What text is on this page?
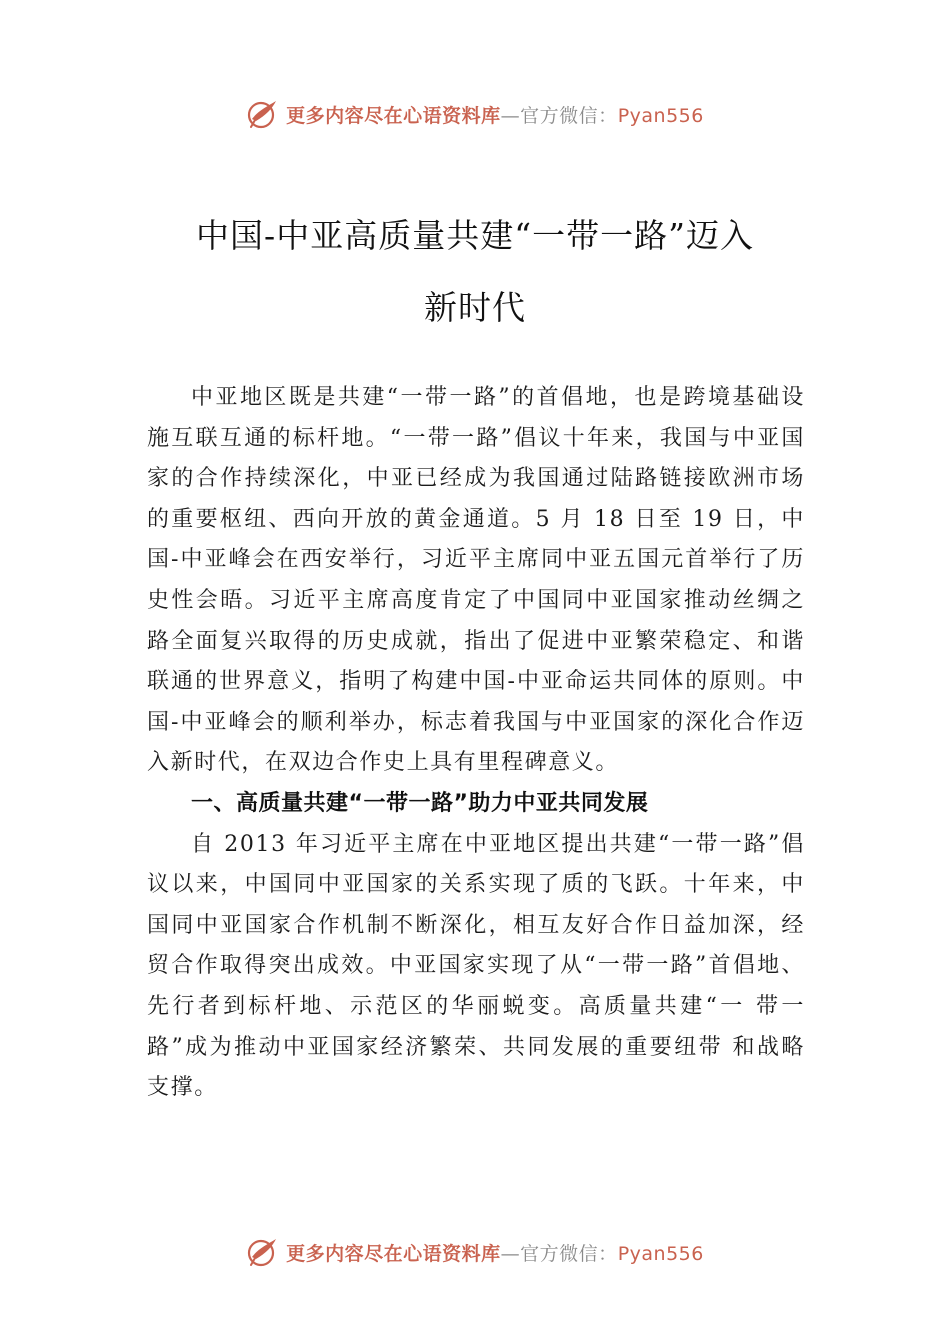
更多内容尽在心语资料库—官方微信：Pyan556
中国-中亚高质量共建“一带一路”迈入
新时代

中亚地区既是共建“一带一路”的首倡地，也是跨境基础设施互联互通的标杆地。“一带一路”倡议十年来，我国与中亚国家的合作持续深化，中亚已经成为我国通过陆路链接欧洲市场的重要枢纽、西向开放的黄金通道。5 月 18 日至 19 日，中国-中亚峰会在西安举行，习近平主席同中亚五国元首举行了历史性会晤。习近平主席高度肯定了中国同中亚国家推动丝绸之路全面复兴取得的历史成就，指出了促进中亚繁荣稳定、和谐联通的世界意义，指明了构建中国-中亚命运共同体的原则。中国-中亚峰会的顺利举办，标志着我国与中亚国家的深化合作迈入新时代，在双边合作史上具有里程碑意义。

一、高质量共建“一带一路”助力中亚共同发展

自 2013 年习近平主席在中亚地区提出共建“一带一路”倡议以来，中国同中亚国家的关系实现了质的飞跃。十年来，中国同中亚国家合作机制不断深化，相互友好合作日益加深，经贸合作取得突出成效。中亚国家实现了从“一带一路”首倡地、先行者到标杆地、示范区的华丽蜕变。高质量共建“一 带一路”成为推动中亚国家经济繁荣、共同发展的重要纽带 和战略支撑。

更多内容尽在心语资料库—官方微信：Pyan556
